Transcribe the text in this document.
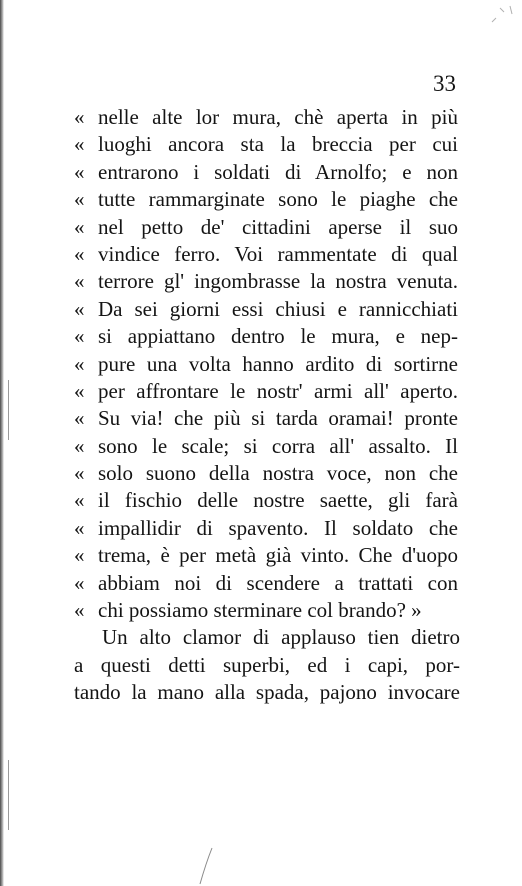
33
« nelle alte lor mura, chè aperta in più
« luoghi ancora sta la breccia per cui
« entrarono i soldati di Arnolfo; e non
« tutte rammarginate sono le piaghe che
« nel petto de' cittadini aperse il suo
« vindice ferro. Voi rammentate di qual
« terrore gl' ingombrasse la nostra venuta.
« Da sei giorni essi chiusi e rannicchiati
« si appiattano dentro le mura, e nep-
« pure una volta hanno ardito di sortirne
« per affrontare le nostr' armi all' aperto.
« Su via! che più si tarda oramai! pronte
« sono le scale; si corra all' assalto. Il
« solo suono della nostra voce, non che
« il fischio delle nostre saette, gli farà
« impallidir di spavento. Il soldato che
« trema, è per metà già vinto. Che d'uopo
« abbiam noi di scendere a trattati con
« chi possiamo sterminare col brando? »
Un alto clamor di applauso tien dietro
a questi detti superbi, ed i capi, por-
tando la mano alla spada, pajono invocare
